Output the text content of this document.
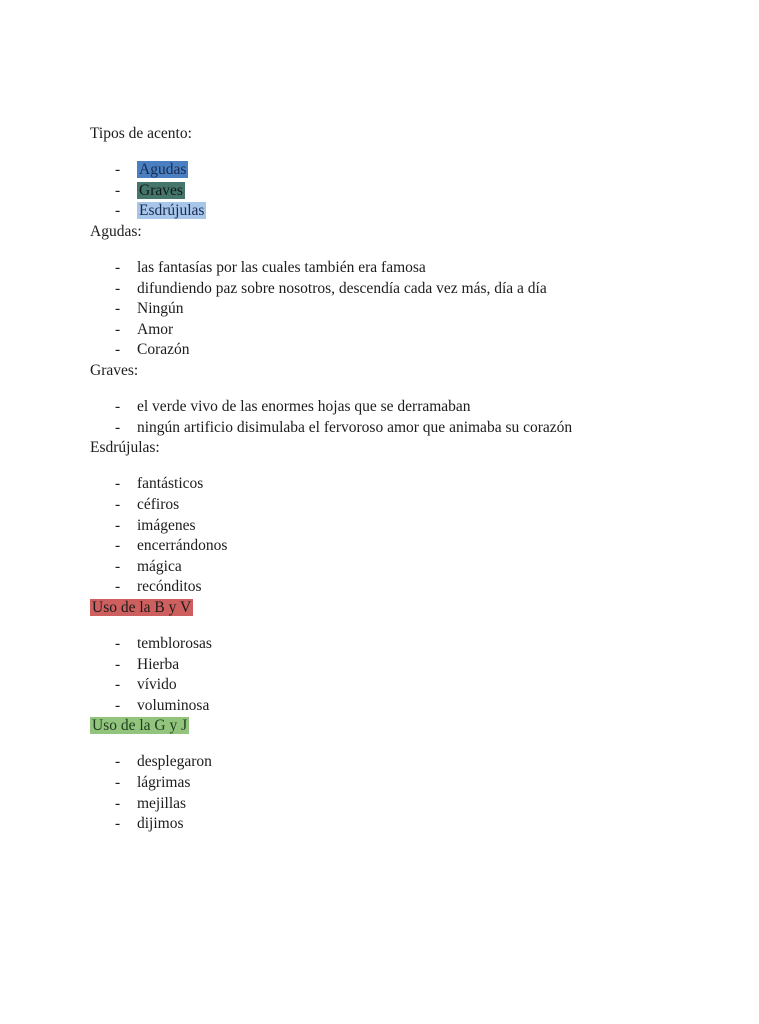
Tipos de acento:

- Agudas
- Graves
- Esdrújulas

Agudas:

- las fantasías por las cuales también era famosa
- difundiendo paz sobre nosotros, descendía cada vez más, día a día
- Ningún
- Amor
- Corazón

Graves:

- el verde vivo de las enormes hojas que se derramaban
- ningún artificio disimulaba el fervoroso amor que animaba su corazón

Esdrújulas:

- fantásticos
- céfiros
- imágenes
- encerrándonos
- mágica
- recónditos

Uso de la B y V

- temblorosas
- Hierba
- vívido
- voluminosa

Uso de la G y J

- desplegaron
- lágrimas
- mejillas
- dijimos
